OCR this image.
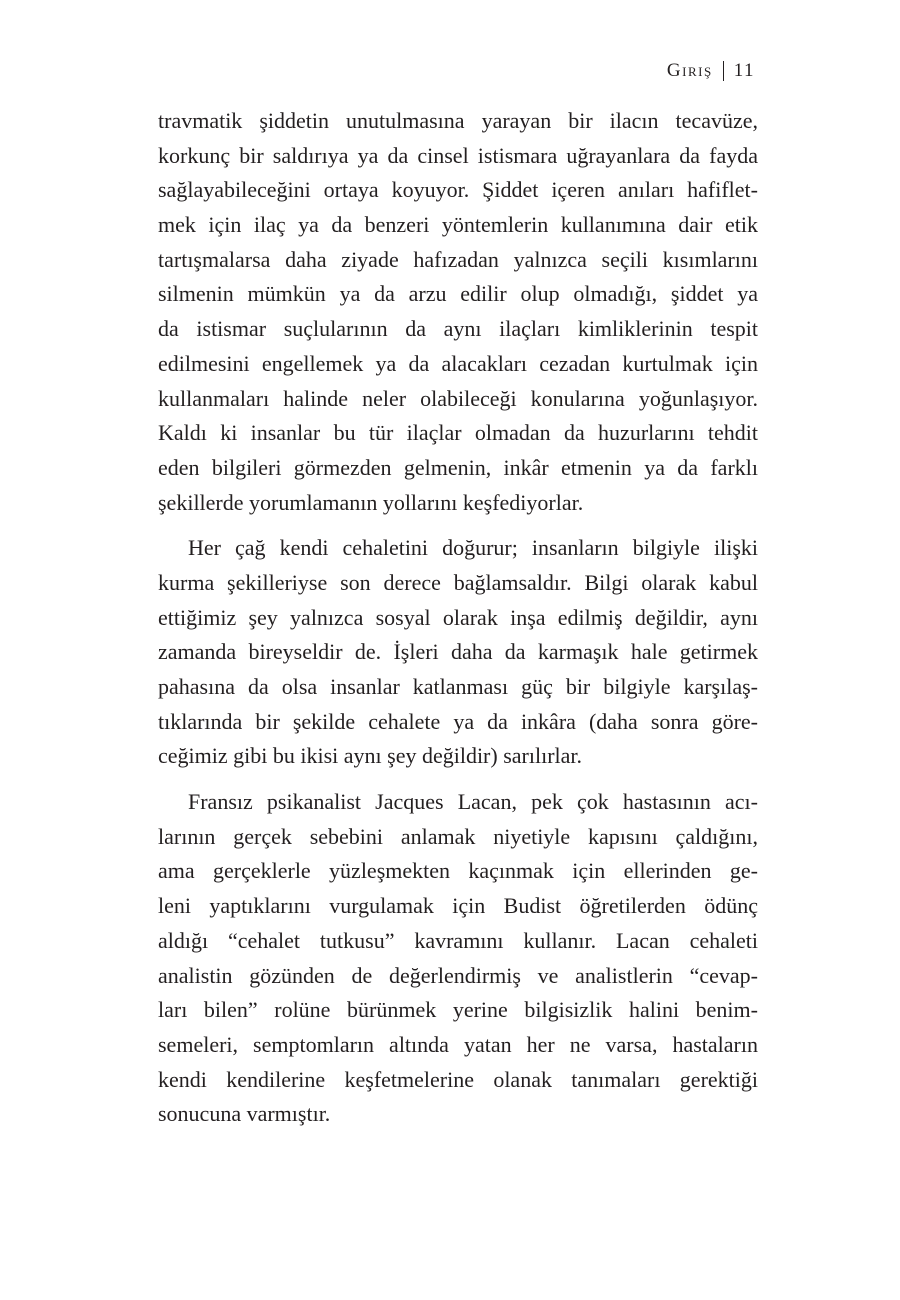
Giriş 11
travmatik şiddetin unutulmasına yarayan bir ilacın tecavüze,
korkunç bir saldırıya ya da cinsel istismara uğrayanlara da fayda
sağlayabileceğini ortaya koyuyor. Şiddet içeren anıları hafiflet-
mek için ilaç ya da benzeri yöntemlerin kullanımına dair etik
tartışmalarsa daha ziyade hafızadan yalnızca seçili kısımlarını
silmenin mümkün ya da arzu edilir olup olmadığı, şiddet ya
da istismar suçlularının da aynı ilaçları kimliklerinin tespit
edilmesini engellemek ya da alacakları cezadan kurtulmak için
kullanmaları halinde neler olabileceği konularına yoğunlaşıyor.
Kaldı ki insanlar bu tür ilaçlar olmadan da huzurlarını tehdit
eden bilgileri görmezden gelmenin, inkâr etmenin ya da farklı
şekillerde yorumlamanın yollarını keşfediyorlar.
Her çağ kendi cehaletini doğurur; insanların bilgiyle ilişki
kurma şekilleriyse son derece bağlamsaldır. Bilgi olarak kabul
ettiğimiz şey yalnızca sosyal olarak inşa edilmiş değildir, aynı
zamanda bireyseldir de. İşleri daha da karmaşık hale getirmek
pahasına da olsa insanlar katlanması güç bir bilgiyle karşılaş-
tıklarında bir şekilde cehalete ya da inkâra (daha sonra göre-
ceğimiz gibi bu ikisi aynı şey değildir) sarılırlar.
Fransız psikanalist Jacques Lacan, pek çok hastasının acı-
larının gerçek sebebini anlamak niyetiyle kapısını çaldığını,
ama gerçeklerle yüzleşmekten kaçınmak için ellerinden ge-
leni yaptıklarını vurgulamak için Budist öğretilerden ödünç
aldığı “cehalet tutkusu” kavramını kullanır. Lacan cehaleti
analistin gözünden de değerlendirmiş ve analistlerin “cevap-
ları bilen” rolüne bürünmek yerine bilgisizlik halini benim-
semeleri, semptomların altında yatan her ne varsa, hastaların
kendi kendilerine keşfetmelerine olanak tanımaları gerektiği
sonucuna varmıştır.
